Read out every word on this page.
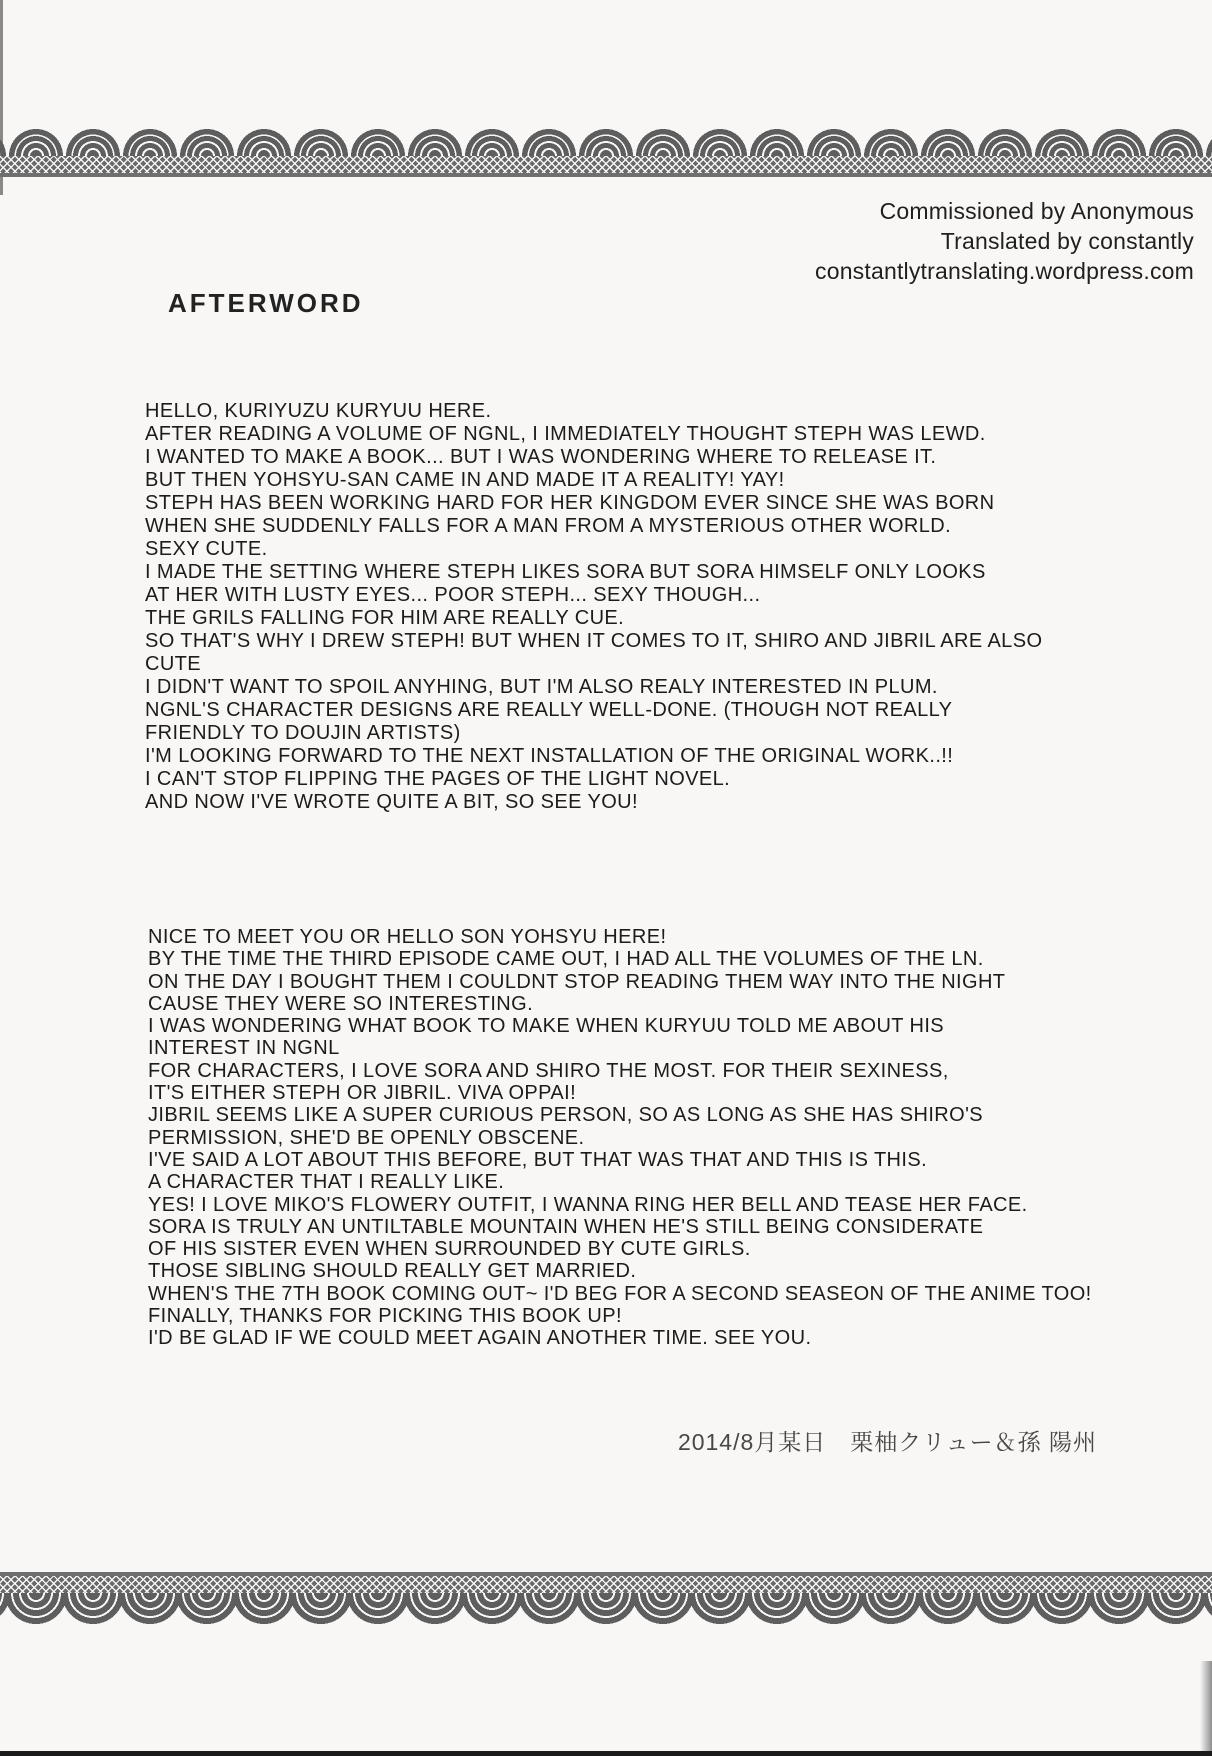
Commissioned by Anonymous
Translated by constantly
constantlytranslating.wordpress.com
AFTERWORD
HELLO, KURIYUZU KURYUU HERE.
AFTER READING A VOLUME OF NGNL, I IMMEDIATELY THOUGHT STEPH WAS LEWD.
I WANTED TO MAKE A BOOK... BUT I WAS WONDERING WHERE TO RELEASE IT.
BUT THEN YOHSYU-SAN CAME IN AND MADE IT A REALITY! YAY!
STEPH HAS BEEN WORKING HARD FOR HER KINGDOM EVER SINCE SHE WAS BORN
WHEN SHE SUDDENLY FALLS FOR A MAN FROM A MYSTERIOUS OTHER WORLD.
SEXY CUTE.
I MADE THE SETTING WHERE STEPH LIKES SORA BUT SORA HIMSELF ONLY LOOKS
AT HER WITH LUSTY EYES... POOR STEPH... SEXY THOUGH...
THE GRILS FALLING FOR HIM ARE REALLY CUE.
SO THAT'S WHY I DREW STEPH! BUT WHEN IT COMES TO IT, SHIRO AND JIBRIL ARE ALSO
CUTE
I DIDN'T WANT TO SPOIL ANYHING, BUT I'M ALSO REALY INTERESTED IN PLUM.
NGNL'S CHARACTER DESIGNS ARE REALLY WELL-DONE. (THOUGH NOT REALLY
FRIENDLY TO DOUJIN ARTISTS)
I'M LOOKING FORWARD TO THE NEXT INSTALLATION OF THE ORIGINAL WORK..!!
I CAN'T STOP FLIPPING THE PAGES OF THE LIGHT NOVEL.
AND NOW I'VE WROTE QUITE A BIT, SO SEE YOU!
NICE TO MEET YOU OR HELLO SON YOHSYU HERE!
BY THE TIME THE THIRD EPISODE CAME OUT, I HAD ALL THE VOLUMES OF THE LN.
ON THE DAY I BOUGHT THEM I COULDNT STOP READING THEM WAY INTO THE NIGHT
CAUSE THEY WERE SO INTERESTING.
I WAS WONDERING WHAT BOOK TO MAKE WHEN KURYUU TOLD ME ABOUT HIS
INTEREST IN NGNL
FOR CHARACTERS, I LOVE SORA AND SHIRO THE MOST. FOR THEIR SEXINESS,
IT'S EITHER STEPH OR JIBRIL. VIVA OPPAI!
JIBRIL SEEMS LIKE A SUPER CURIOUS PERSON, SO AS LONG AS SHE HAS SHIRO'S
PERMISSION, SHE'D BE OPENLY OBSCENE.
I'VE SAID A LOT ABOUT THIS BEFORE, BUT THAT WAS THAT AND THIS IS THIS.
A CHARACTER THAT I REALLY LIKE.
YES! I LOVE MIKO'S FLOWERY OUTFIT, I WANNA RING HER BELL AND TEASE HER FACE.
SORA IS TRULY AN UNTILTABLE MOUNTAIN WHEN HE'S STILL BEING CONSIDERATE
OF HIS SISTER EVEN WHEN SURROUNDED BY CUTE GIRLS.
THOSE SIBLING SHOULD REALLY GET MARRIED.
WHEN'S THE 7TH BOOK COMING OUT~ I'D BEG FOR A SECOND SEASEON OF THE ANIME TOO!
FINALLY, THANKS FOR PICKING THIS BOOK UP!
I'D BE GLAD IF WE COULD MEET AGAIN ANOTHER TIME. SEE YOU.
2014/8月某日　栗柚クリュー＆孫 陽州
